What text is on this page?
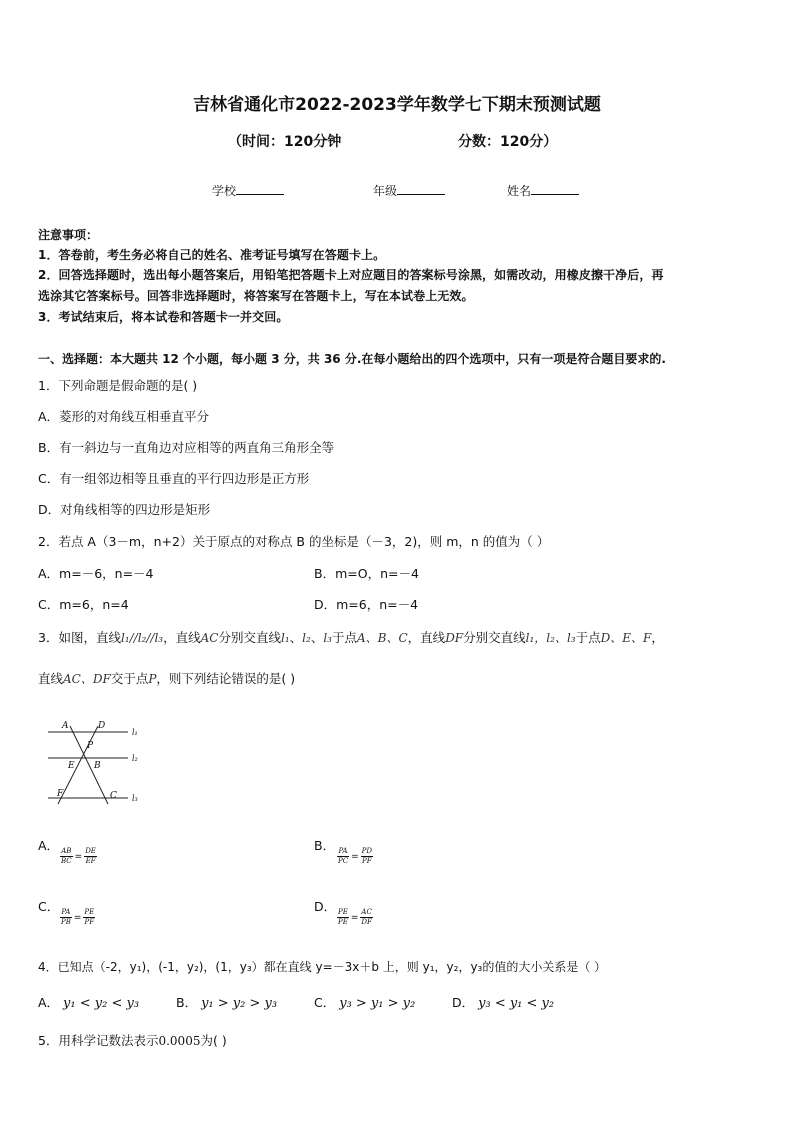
吉林省通化市2022-2023学年数学七下期末预测试题
（时间：120分钟	分数：120分）
学校	年级	姓名
注意事项：
1．答卷前，考生务必将自己的姓名、准考证号填写在答题卡上。
2．回答选择题时，选出每小题答案后，用铅笔把答题卡上对应题目的答案标号涂黑，如需改动，用橡皮擦干净后，再
选涂其它答案标号。回答非选择题时，将答案写在答题卡上，写在本试卷上无效。
3．考试结束后，将本试卷和答题卡一并交回。
一、选择题：本大题共 12 个小题，每小题 3 分，共 36 分.在每小题给出的四个选项中，只有一项是符合题目要求的.
1．下列命题是假命题的是( )
A．菱形的对角线互相垂直平分
B．有一斜边与一直角边对应相等的两直角三角形全等
C．有一组邻边相等且垂直的平行四边形是正方形
D．对角线相等的四边形是矩形
2．若点 A（3－m，n+2）关于原点的对称点 B 的坐标是（－3，2)，则 m，n 的值为（ ）
A．m=－6，n=－4	B．m=O，n=－4
C．m=6，n=4	D．m=6，n=－4
3．如图，直线l₁//l₂//l₃，直线AC分别交直线l₁、l₂、l₃于点A、B、C，直线DF分别交直线l₁，l₂、l₃于点D、E、F，
直线AC、DF交于点P，则下列结论错误的是( )
A	D
P
E B
F	C
l₁
l₂
l₃
A．
$\frac{AB}{BC} = \frac{DE}{EF}$
B．
$\frac{PA}{PC} = \frac{PD}{PF}$
C．
$\frac{PA}{PB} = \frac{PE}{PF}$
D．
$\frac{PE}{PE} = \frac{AC}{DF}$
4．已知点（-2，y₁)，(-1，y₂)，(1，y₃）都在直线 y=－3x＋b 上，则 y₁，y₂，y₃的值的大小关系是（ ）
A． y₁ < y₂ < y₃	B． y₁ > y₂ > y₃	C． y₃ > y₁ > y₂	D． y₃ < y₁ < y₂
5．用科学记数法表示0.0005为( )
